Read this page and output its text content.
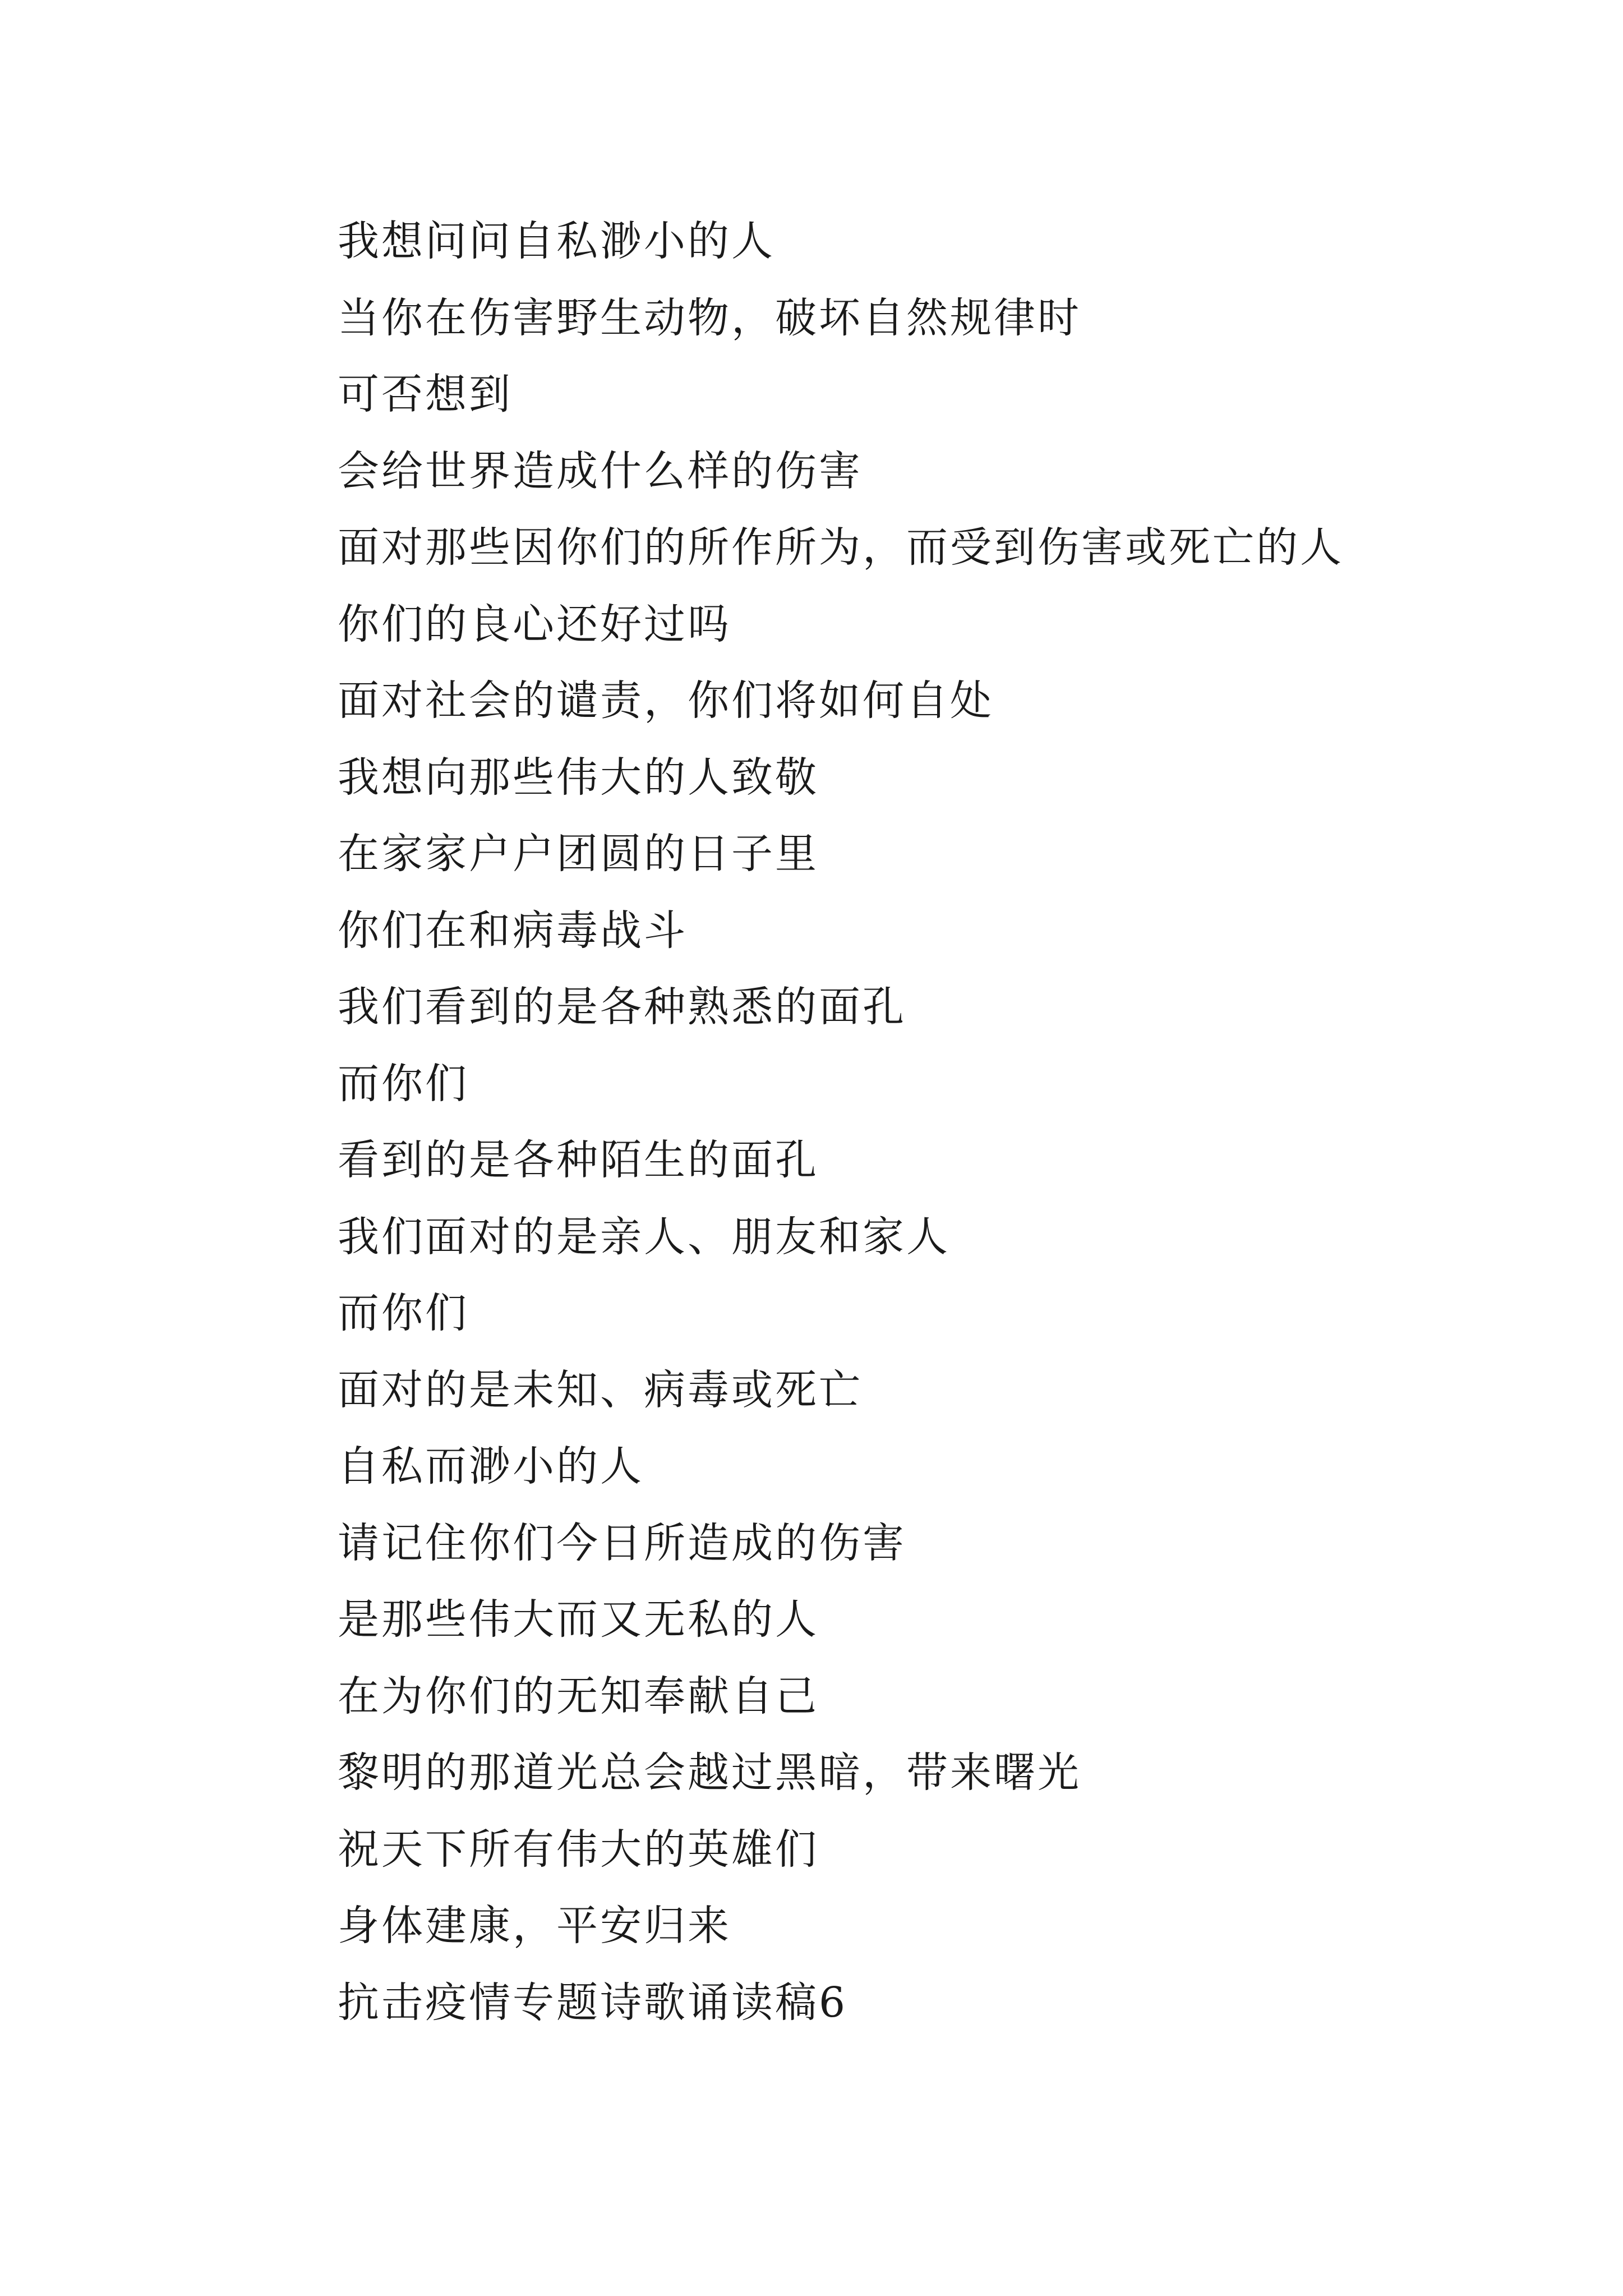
我想问问自私渺小的人
当你在伤害野生动物，破坏自然规律时
可否想到
会给世界造成什么样的伤害
面对那些因你们的所作所为，而受到伤害或死亡的人
你们的良心还好过吗
面对社会的谴责，你们将如何自处
我想向那些伟大的人致敬
在家家户户团圆的日子里
你们在和病毒战斗
我们看到的是各种熟悉的面孔
而你们
看到的是各种陌生的面孔
我们面对的是亲人、朋友和家人
而你们
面对的是未知、病毒或死亡
自私而渺小的人
请记住你们今日所造成的伤害
是那些伟大而又无私的人
在为你们的无知奉献自己
黎明的那道光总会越过黑暗，带来曙光
祝天下所有伟大的英雄们
身体建康，平安归来
抗击疫情专题诗歌诵读稿6
